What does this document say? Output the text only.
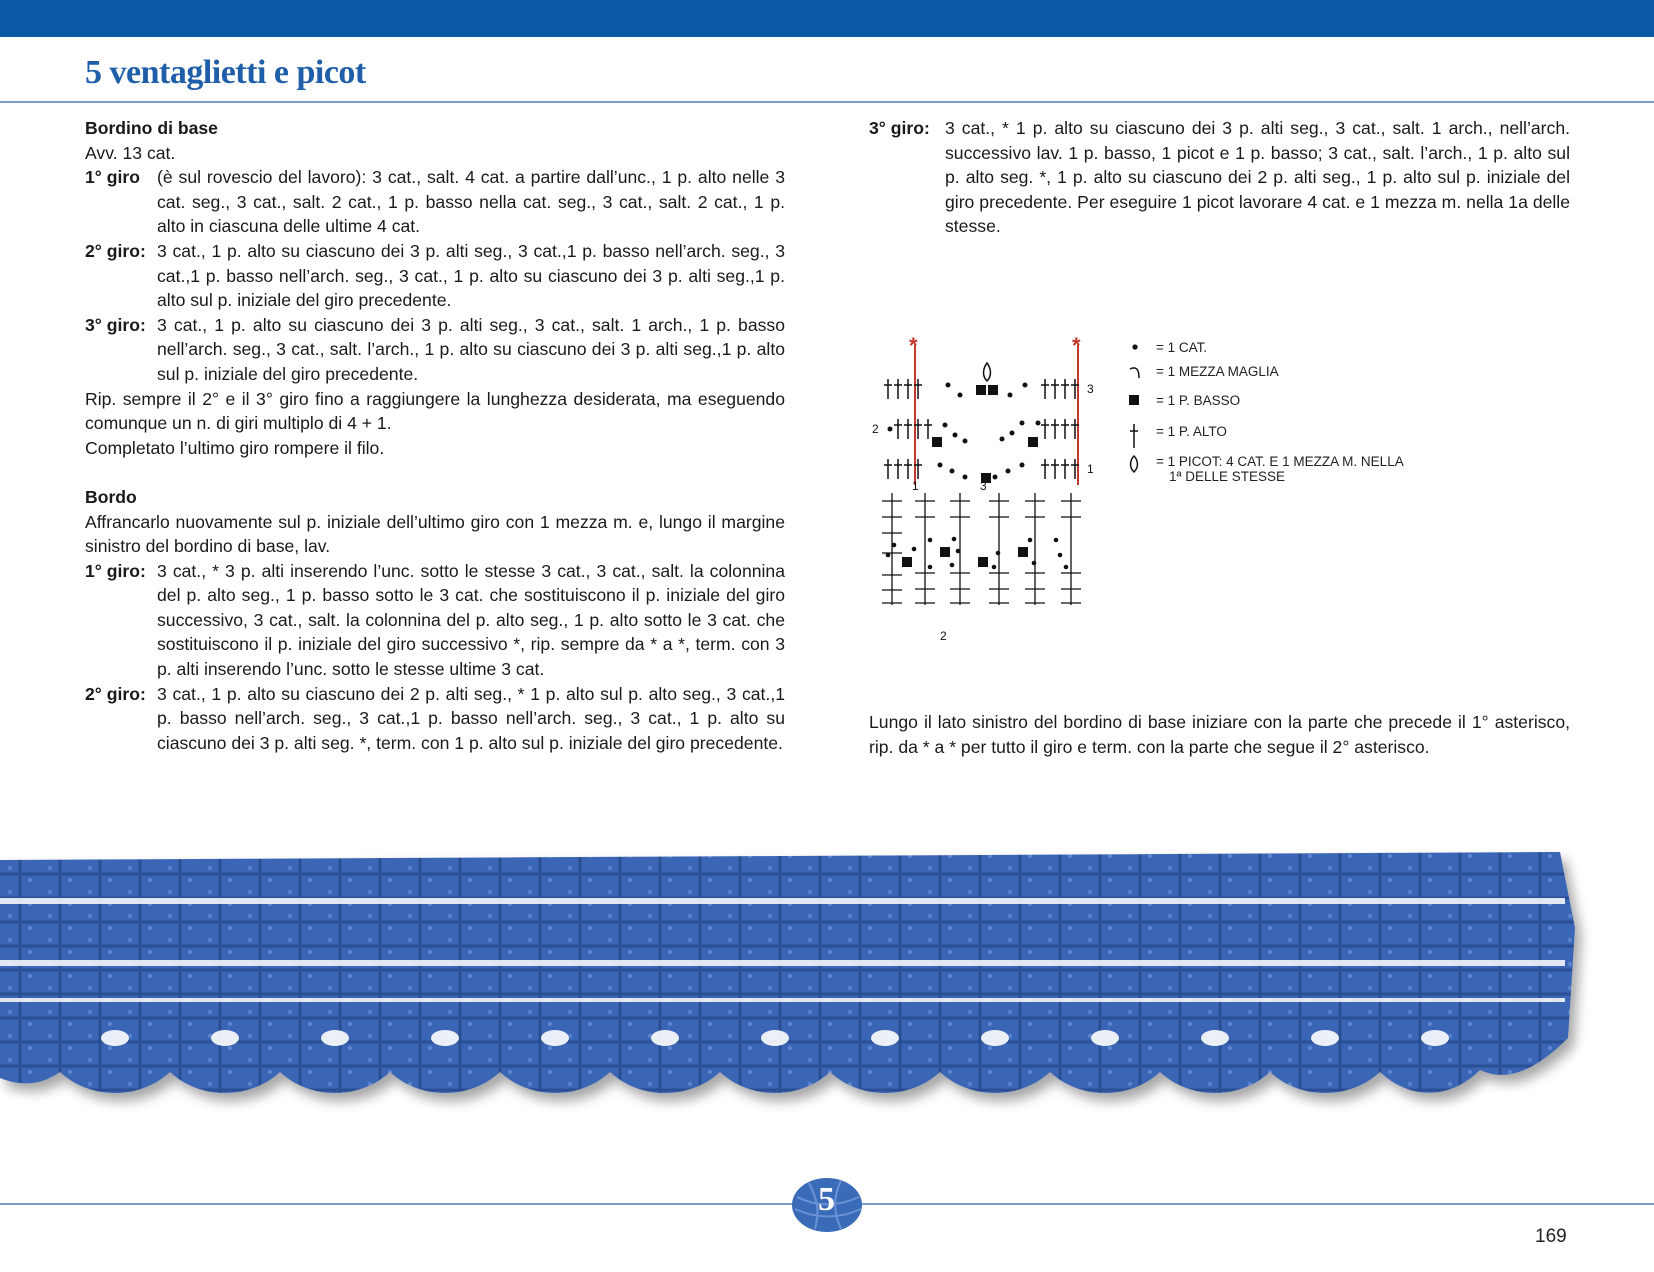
5 ventaglietti e picot

Bordino di base

Avv. 13 cat.

1° giro (è sul rovescio del lavoro): 3 cat., salt. 4 cat. a partire dall’unc., 1 p. alto nelle 3 cat. seg., 3 cat., salt. 2 cat., 1 p. basso nella cat. seg., 3 cat., salt. 2 cat., 1 p. alto in ciascuna delle ultime 4 cat.
2° giro: 3 cat., 1 p. alto su ciascuno dei 3 p. alti seg., 3 cat.,1 p. basso nell’arch. seg., 3 cat.,1 p. basso nell’arch. seg., 3 cat., 1 p. alto su ciascuno dei 3 p. alti seg.,1 p. alto sul p. iniziale del giro precedente.
3° giro: 3 cat., 1 p. alto su ciascuno dei 3 p. alti seg., 3 cat., salt. 1 arch., 1 p. basso nell’arch. seg., 3 cat., salt. l’arch., 1 p. alto su ciascuno dei 3 p. alti seg.,1 p. alto sul p. iniziale del giro precedente.

Rip. sempre il 2° e il 3° giro fino a raggiungere la lunghezza desiderata, ma eseguendo comunque un n. di giri multiplo di 4 + 1.

Completato l’ultimo giro rompere il filo.

Bordo

Affrancarlo nuovamente sul p. iniziale dell’ultimo giro con 1 mezza m. e, lungo il margine sinistro del bordino di base, lav.

1° giro: 3 cat., * 3 p. alti inserendo l’unc. sotto le stesse 3 cat., 3 cat., salt. la colonnina del p. alto seg., 1 p. basso sotto le 3 cat. che sostituiscono il p. iniziale del giro successivo, 3 cat., salt. la colonnina del p. alto seg., 1 p. alto sotto le 3 cat. che sostituiscono il p. iniziale del giro successivo *, rip. sempre da * a *, term. con 3 p. alti inserendo l’unc. sotto le stesse ultime 3 cat.
2° giro: 3 cat., 1 p. alto su ciascuno dei 2 p. alti seg., * 1 p. alto sul p. alto seg., 3 cat.,1 p. basso nell’arch. seg., 3 cat.,1 p. basso nell’arch. seg., 3 cat., 1 p. alto su ciascuno dei 3 p. alti seg. *, term. con 1 p. alto sul p. iniziale del giro precedente.
3° giro: 3 cat., * 1 p. alto su ciascuno dei 3 p. alti seg., 3 cat., salt. 1 arch., nell’arch. successivo lav. 1 p. basso, 1 picot e 1 p. basso; 3 cat., salt. l’arch., 1 p. alto sul p. alto seg. *, 1 p. alto su ciascuno dei 2 p. alti seg., 1 p. alto sul p. iniziale del giro precedente. Per eseguire 1 picot lavorare 4 cat. e 1 mezza m. nella 1a delle stesse.
*	*
3
2
1
3
1
2
= 1 CAT.
= 1 MEZZA MAGLIA
= 1 P. BASSO
= 1 P. ALTO
= 1 PICOT: 4 CAT. E 1 MEZZA M. NELLA
1ª DELLE STESSE

Lungo il lato sinistro del bordino di base iniziare con la parte che precede il 1° asterisco, rip. da * a * per tutto il giro e term. con la parte che segue il 2° asterisco.

5
169
